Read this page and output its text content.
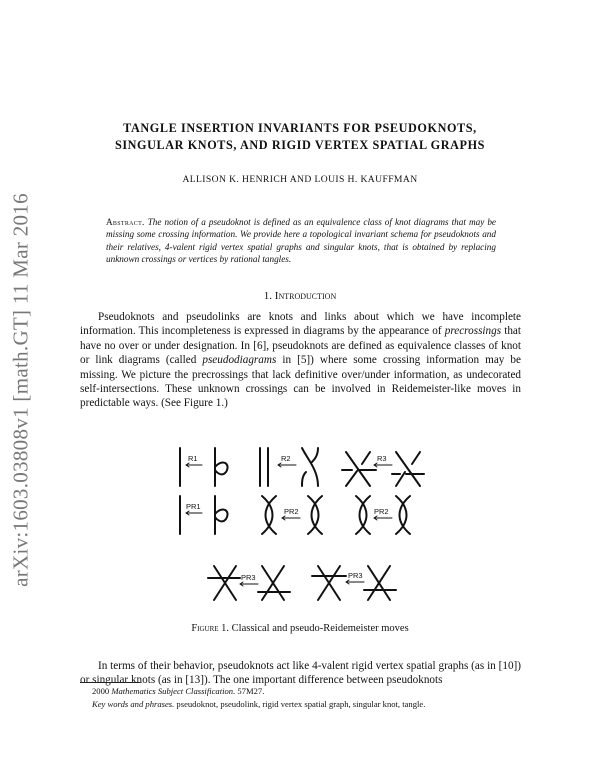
arXiv:1603.03808v1 [math.GT] 11 Mar 2016
TANGLE INSERTION INVARIANTS FOR PSEUDOKNOTS,
SINGULAR KNOTS, AND RIGID VERTEX SPATIAL GRAPHS
ALLISON K. HENRICH AND LOUIS H. KAUFFMAN
Abstract. The notion of a pseudoknot is defined as an equivalence class of knot diagrams that may be missing some crossing information. We provide here a topological invariant schema for pseudoknots and their relatives, 4-valent rigid vertex spatial graphs and singular knots, that is obtained by replacing unknown crossings or vertices by rational tangles.
1. Introduction
Pseudoknots and pseudolinks are knots and links about which we have incomplete information. This incompleteness is expressed in diagrams by the appearance of precrossings that have no over or under designation. In [6], pseudoknots are defined as equivalence classes of knot or link diagrams (called pseudodiagrams in [5]) where some crossing information may be missing. We picture the precrossings that lack definitive over/under information, as undecorated self-intersections. These unknown crossings can be involved in Reidemeister-like moves in predictable ways. (See Figure 1.)
R1	R2	R3
PR1
PR2	PR2
PR3	PR3
Figure 1. Classical and pseudo-Reidemeister moves
In terms of their behavior, pseudoknots act like 4-valent rigid vertex spatial graphs (as in [10]) or singular knots (as in [13]). The one important difference between pseudoknots
2000 Mathematics Subject Classification. 57M27.
Key words and phrases. pseudoknot, pseudolink, rigid vertex spatial graph, singular knot, tangle.
